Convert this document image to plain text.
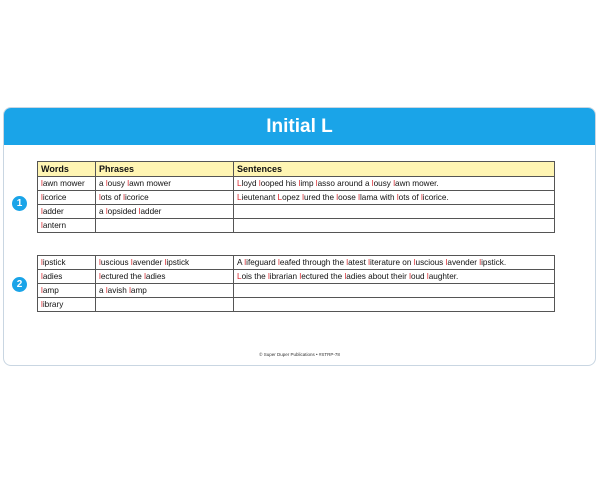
Initial L
1
2
Words	Phrases	Sentences
lawn mower	a lousy lawn mower	Lloyd looped his limp lasso around a lousy lawn mower.
licorice	lots of licorice	Lieutenant Lopez lured the loose llama with lots of licorice.
ladder	a lopsided ladder	
lantern		
lipstick	luscious lavender lipstick	A lifeguard leafed through the latest literature on luscious lavender lipstick.
ladies	lectured the ladies	Lois the librarian lectured the ladies about their loud laughter.
lamp	a lavish lamp	
library		
© Super Duper Publications • #STRP-78
